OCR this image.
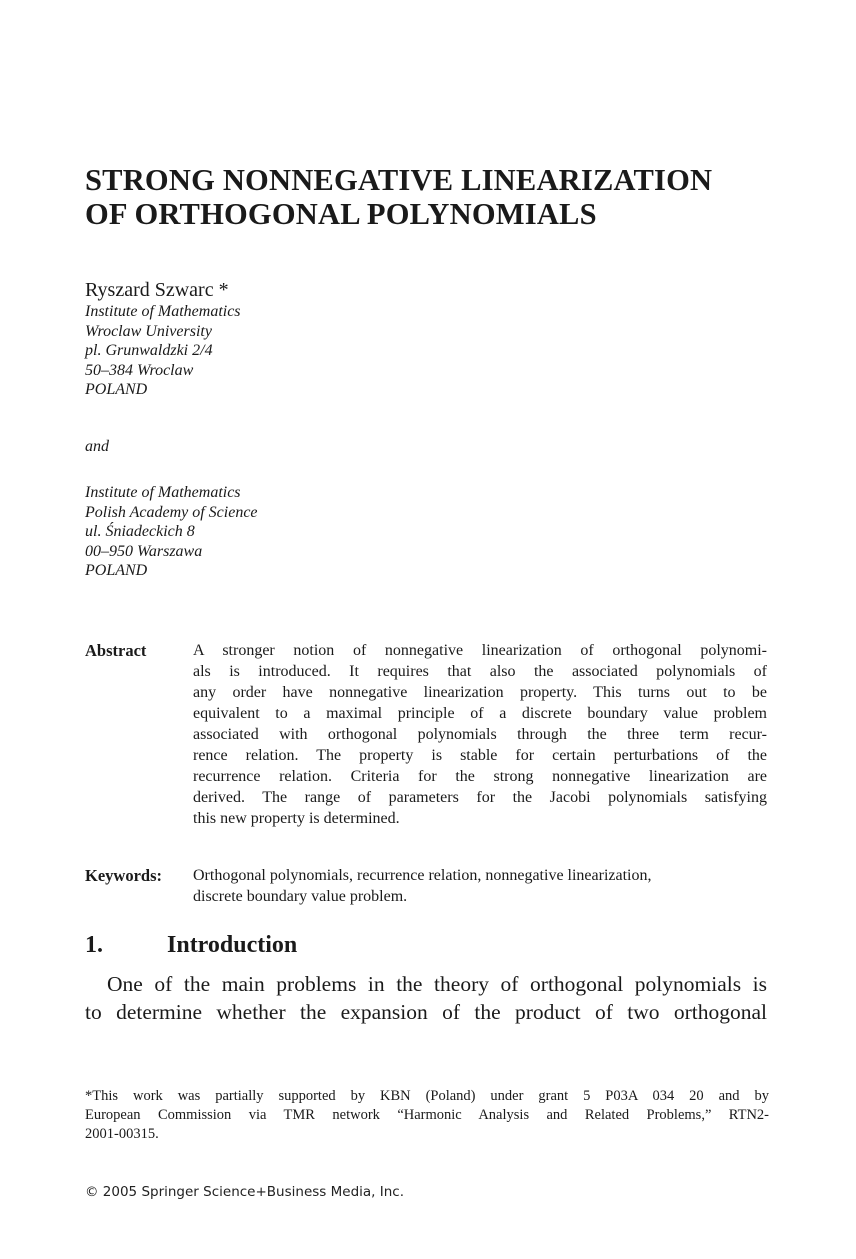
STRONG NONNEGATIVE LINEARIZATION
OF ORTHOGONAL POLYNOMIALS
Ryszard Szwarc *
Institute of Mathematics
Wroclaw University
pl. Grunwaldzki 2/4
50–384 Wroclaw
POLAND
and
Institute of Mathematics
Polish Academy of Science
ul. Śniadeckich 8
00–950 Warszawa
POLAND
Abstract	A stronger notion of nonnegative linearization of orthogonal polynomi-
als is introduced. It requires that also the associated polynomials of
any order have nonnegative linearization property. This turns out to be
equivalent to a maximal principle of a discrete boundary value problem
associated with orthogonal polynomials through the three term recur-
rence relation. The property is stable for certain perturbations of the
recurrence relation. Criteria for the strong nonnegative linearization are
derived. The range of parameters for the Jacobi polynomials satisfying
this new property is determined.
Keywords: Orthogonal polynomials, recurrence relation, nonnegative linearization,
discrete boundary value problem.
1.	Introduction
One of the main problems in the theory of orthogonal polynomials is
to determine whether the expansion of the product of two orthogonal
*This work was partially supported by KBN (Poland) under grant 5 P03A 034 20 and by
European Commission via TMR network “Harmonic Analysis and Related Problems,” RTN2-
2001-00315.
© 2005 Springer Science+Business Media, Inc.
